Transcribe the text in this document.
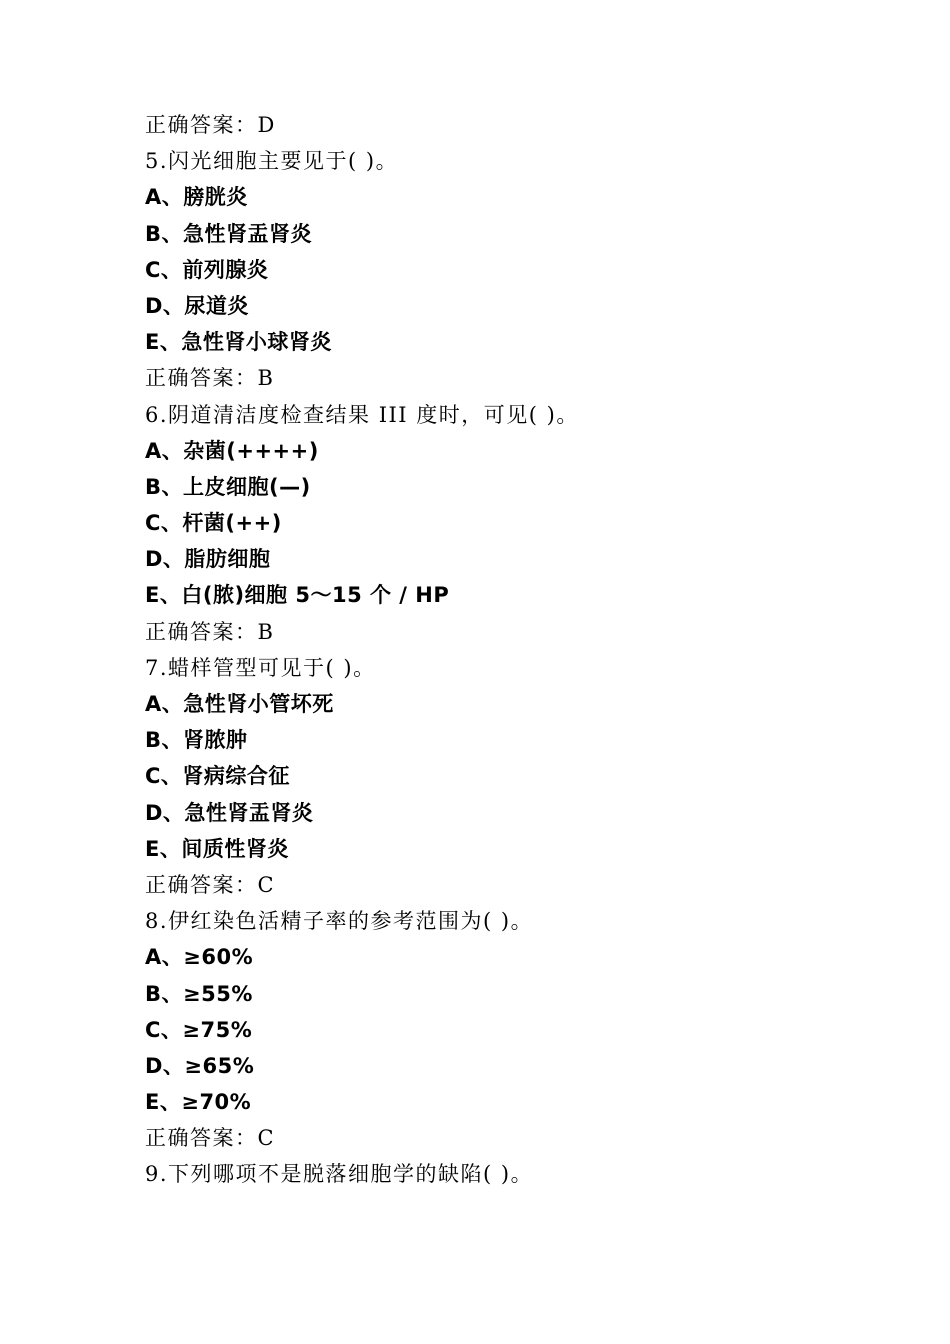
正确答案：D
5.闪光细胞主要见于( )。
A、膀胱炎
B、急性肾盂肾炎
C、前列腺炎
D、尿道炎
E、急性肾小球肾炎
正确答案：B
6.阴道清洁度检查结果 III 度时，可见( )。
A、杂菌(++++)
B、上皮细胞(—)
C、杆菌(++)
D、脂肪细胞
E、白(脓)细胞 5～15 个 / HP
正确答案：B
7.蜡样管型可见于( )。
A、急性肾小管坏死
B、肾脓肿
C、肾病综合征
D、急性肾盂肾炎
E、间质性肾炎
正确答案：C
8.伊红染色活精子率的参考范围为( )。
A、≥60%
B、≥55%
C、≥75%
D、≥65%
E、≥70%
正确答案：C
9.下列哪项不是脱落细胞学的缺陷( )。
